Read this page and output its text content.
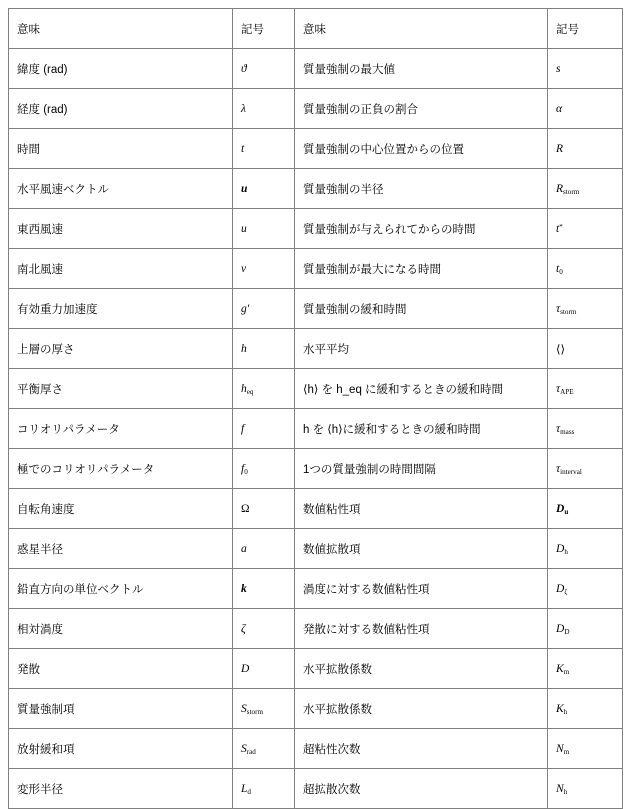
意味	記号	意味	記号
緯度 (rad)	ϑ	質量強制の最大値	s
経度 (rad)	λ	質量強制の正負の割合	α
時間	t	質量強制の中心位置からの位置	R
水平風速ベクトル	u	質量強制の半径	$R_{storm}$
東西風速	u	質量強制が与えられてからの時間	t*
南北風速	v	質量強制が最大になる時間	$t_0$
有効重力加速度	g′	質量強制の緩和時間	$\tau_{storm}$
上層の厚さ	h	水平平均	⟨⟩
平衡厚さ	$h_{eq}$	⟨h⟩ を h_eq に緩和するときの緩和時間	$\tau_{APE}$
コリオリパラメータ	f	h を ⟨h⟩に緩和するときの緩和時間	$\tau_{mass}$
極でのコリオリパラメータ	$f_0$	1つの質量強制の時間間隔	$\tau_{interval}$
自転角速度	Ω	数値粘性項	$D_u$
惑星半径	a	数値拡散項	$D_h$
鉛直方向の単位ベクトル	k	渦度に対する数値粘性項	$D_\zeta$
相対渦度	ζ	発散に対する数値粘性項	$D_D$
発散	D	水平拡散係数	$K_m$
質量強制項	$S_{storm}$	水平拡散係数	$K_h$
放射緩和項	$S_{rad}$	超粘性次数	$N_m$
変形半径	$L_d$	超拡散次数	$N_h$
